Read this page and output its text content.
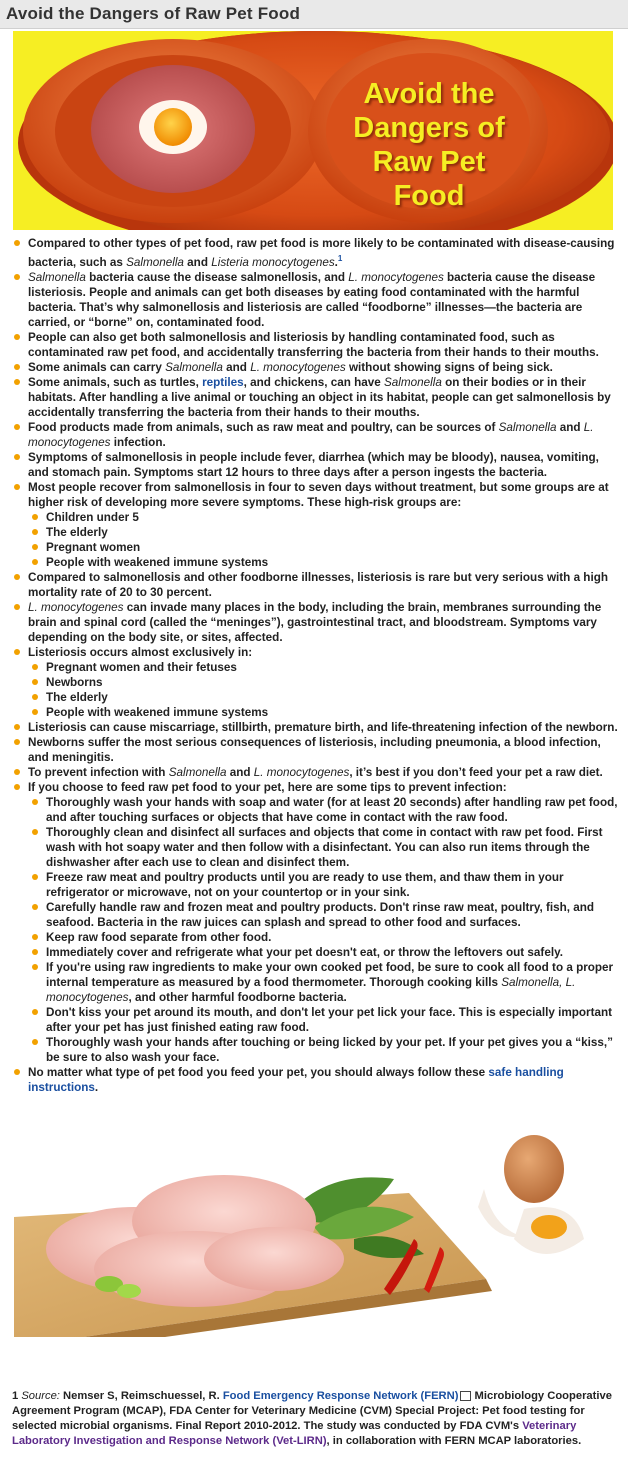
Avoid the Dangers of Raw Pet Food
Avoid the
Dangers of
Raw Pet
Food
Compared to other types of pet food, raw pet food is more likely to be contaminated with disease-causing bacteria, such as Salmonella and Listeria monocytogenes.$^1$
Salmonella bacteria cause the disease salmonellosis, and L. monocytogenes bacteria cause the disease listeriosis. People and animals can get both diseases by eating food contaminated with the harmful bacteria. That’s why salmonellosis and listeriosis are called “foodborne” illnesses—the bacteria are carried, or “borne” on, contaminated food.
People can also get both salmonellosis and listeriosis by handling contaminated food, such as contaminated raw pet food, and accidentally transferring the bacteria from their hands to their mouths.
Some animals can carry Salmonella and L. monocytogenes without showing signs of being sick.
Some animals, such as turtles, reptiles, and chickens, can have Salmonella on their bodies or in their habitats. After handling a live animal or touching an object in its habitat, people can get salmonellosis by accidentally transferring the bacteria from their hands to their mouths.
Food products made from animals, such as raw meat and poultry, can be sources of Salmonella and L. monocytogenes infection.
Symptoms of salmonellosis in people include fever, diarrhea (which may be bloody), nausea, vomiting, and stomach pain. Symptoms start 12 hours to three days after a person ingests the bacteria.
Most people recover from salmonellosis in four to seven days without treatment, but some groups are at higher risk of developing more severe symptoms. These high-risk groups are:
Children under 5
The elderly
Pregnant women
People with weakened immune systems
Compared to salmonellosis and other foodborne illnesses, listeriosis is rare but very serious with a high mortality rate of 20 to 30 percent.
L. monocytogenes can invade many places in the body, including the brain, membranes surrounding the brain and spinal cord (called the “meninges”), gastrointestinal tract, and bloodstream. Symptoms vary depending on the body site, or sites, affected.
Listeriosis occurs almost exclusively in:
Pregnant women and their fetuses
Newborns
The elderly
People with weakened immune systems
Listeriosis can cause miscarriage, stillbirth, premature birth, and life-threatening infection of the newborn.
Newborns suffer the most serious consequences of listeriosis, including pneumonia, a blood infection, and meningitis.
To prevent infection with Salmonella and L. monocytogenes, it’s best if you don’t feed your pet a raw diet.
If you choose to feed raw pet food to your pet, here are some tips to prevent infection:
Thoroughly wash your hands with soap and water (for at least 20 seconds) after handling raw pet food, and after touching surfaces or objects that have come in contact with the raw food.
Thoroughly clean and disinfect all surfaces and objects that come in contact with raw pet food. First wash with hot soapy water and then follow with a disinfectant. You can also run items through the dishwasher after each use to clean and disinfect them.
Freeze raw meat and poultry products until you are ready to use them, and thaw them in your refrigerator or microwave, not on your countertop or in your sink.
Carefully handle raw and frozen meat and poultry products. Don't rinse raw meat, poultry, fish, and seafood. Bacteria in the raw juices can splash and spread to other food and surfaces.
Keep raw food separate from other food.
Immediately cover and refrigerate what your pet doesn't eat, or throw the leftovers out safely.
If you're using raw ingredients to make your own cooked pet food, be sure to cook all food to a proper internal temperature as measured by a food thermometer. Thorough cooking kills Salmonella, L. monocytogenes, and other harmful foodborne bacteria.
Don't kiss your pet around its mouth, and don't let your pet lick your face. This is especially important after your pet has just finished eating raw food.
Thoroughly wash your hands after touching or being licked by your pet. If your pet gives you a “kiss,” be sure to also wash your face.
No matter what type of pet food you feed your pet, you should always follow these safe handling instructions.
1 Source: Nemser S, Reimschuessel, R. Food Emergency Response Network (FERN) Microbiology Cooperative Agreement Program (MCAP), FDA Center for Veterinary Medicine (CVM) Special Project: Pet food testing for selected microbial organisms. Final Report 2010-2012. The study was conducted by FDA CVM's Veterinary Laboratory Investigation and Response Network (Vet-LIRN), in collaboration with FERN MCAP laboratories.
